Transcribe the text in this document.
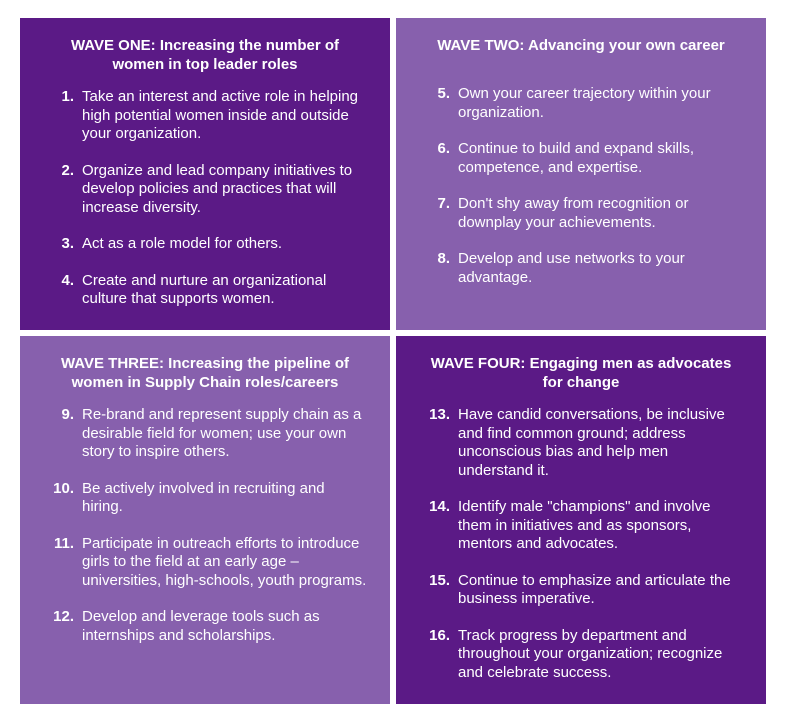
WAVE ONE: Increasing the number of women in top leader roles
1. Take an interest and active role in helping high potential women inside and outside your organization.
2. Organize and lead company initiatives to develop policies and practices that will increase diversity.
3. Act as a role model for others.
4. Create and nurture an organizational culture that supports women.
WAVE TWO: Advancing your own career
5. Own your career trajectory within your organization.
6. Continue to build and expand skills, competence, and expertise.
7. Don't shy away from recognition or downplay your achievements.
8. Develop and use networks to your advantage.
WAVE THREE: Increasing the pipeline of women in Supply Chain roles/careers
9. Re-brand and represent supply chain as a desirable field for women; use your own story to inspire others.
10. Be actively involved in recruiting and hiring.
11. Participate in outreach efforts to introduce girls to the field at an early age – universities, high-schools, youth programs.
12. Develop and leverage tools such as internships and scholarships.
WAVE FOUR: Engaging men as advocates for change
13. Have candid conversations, be inclusive and find common ground; address unconscious bias and help men understand it.
14. Identify male "champions" and involve them in initiatives and as sponsors, mentors and advocates.
15. Continue to emphasize and articulate the business imperative.
16. Track progress by department and throughout your organization; recognize and celebrate success.
